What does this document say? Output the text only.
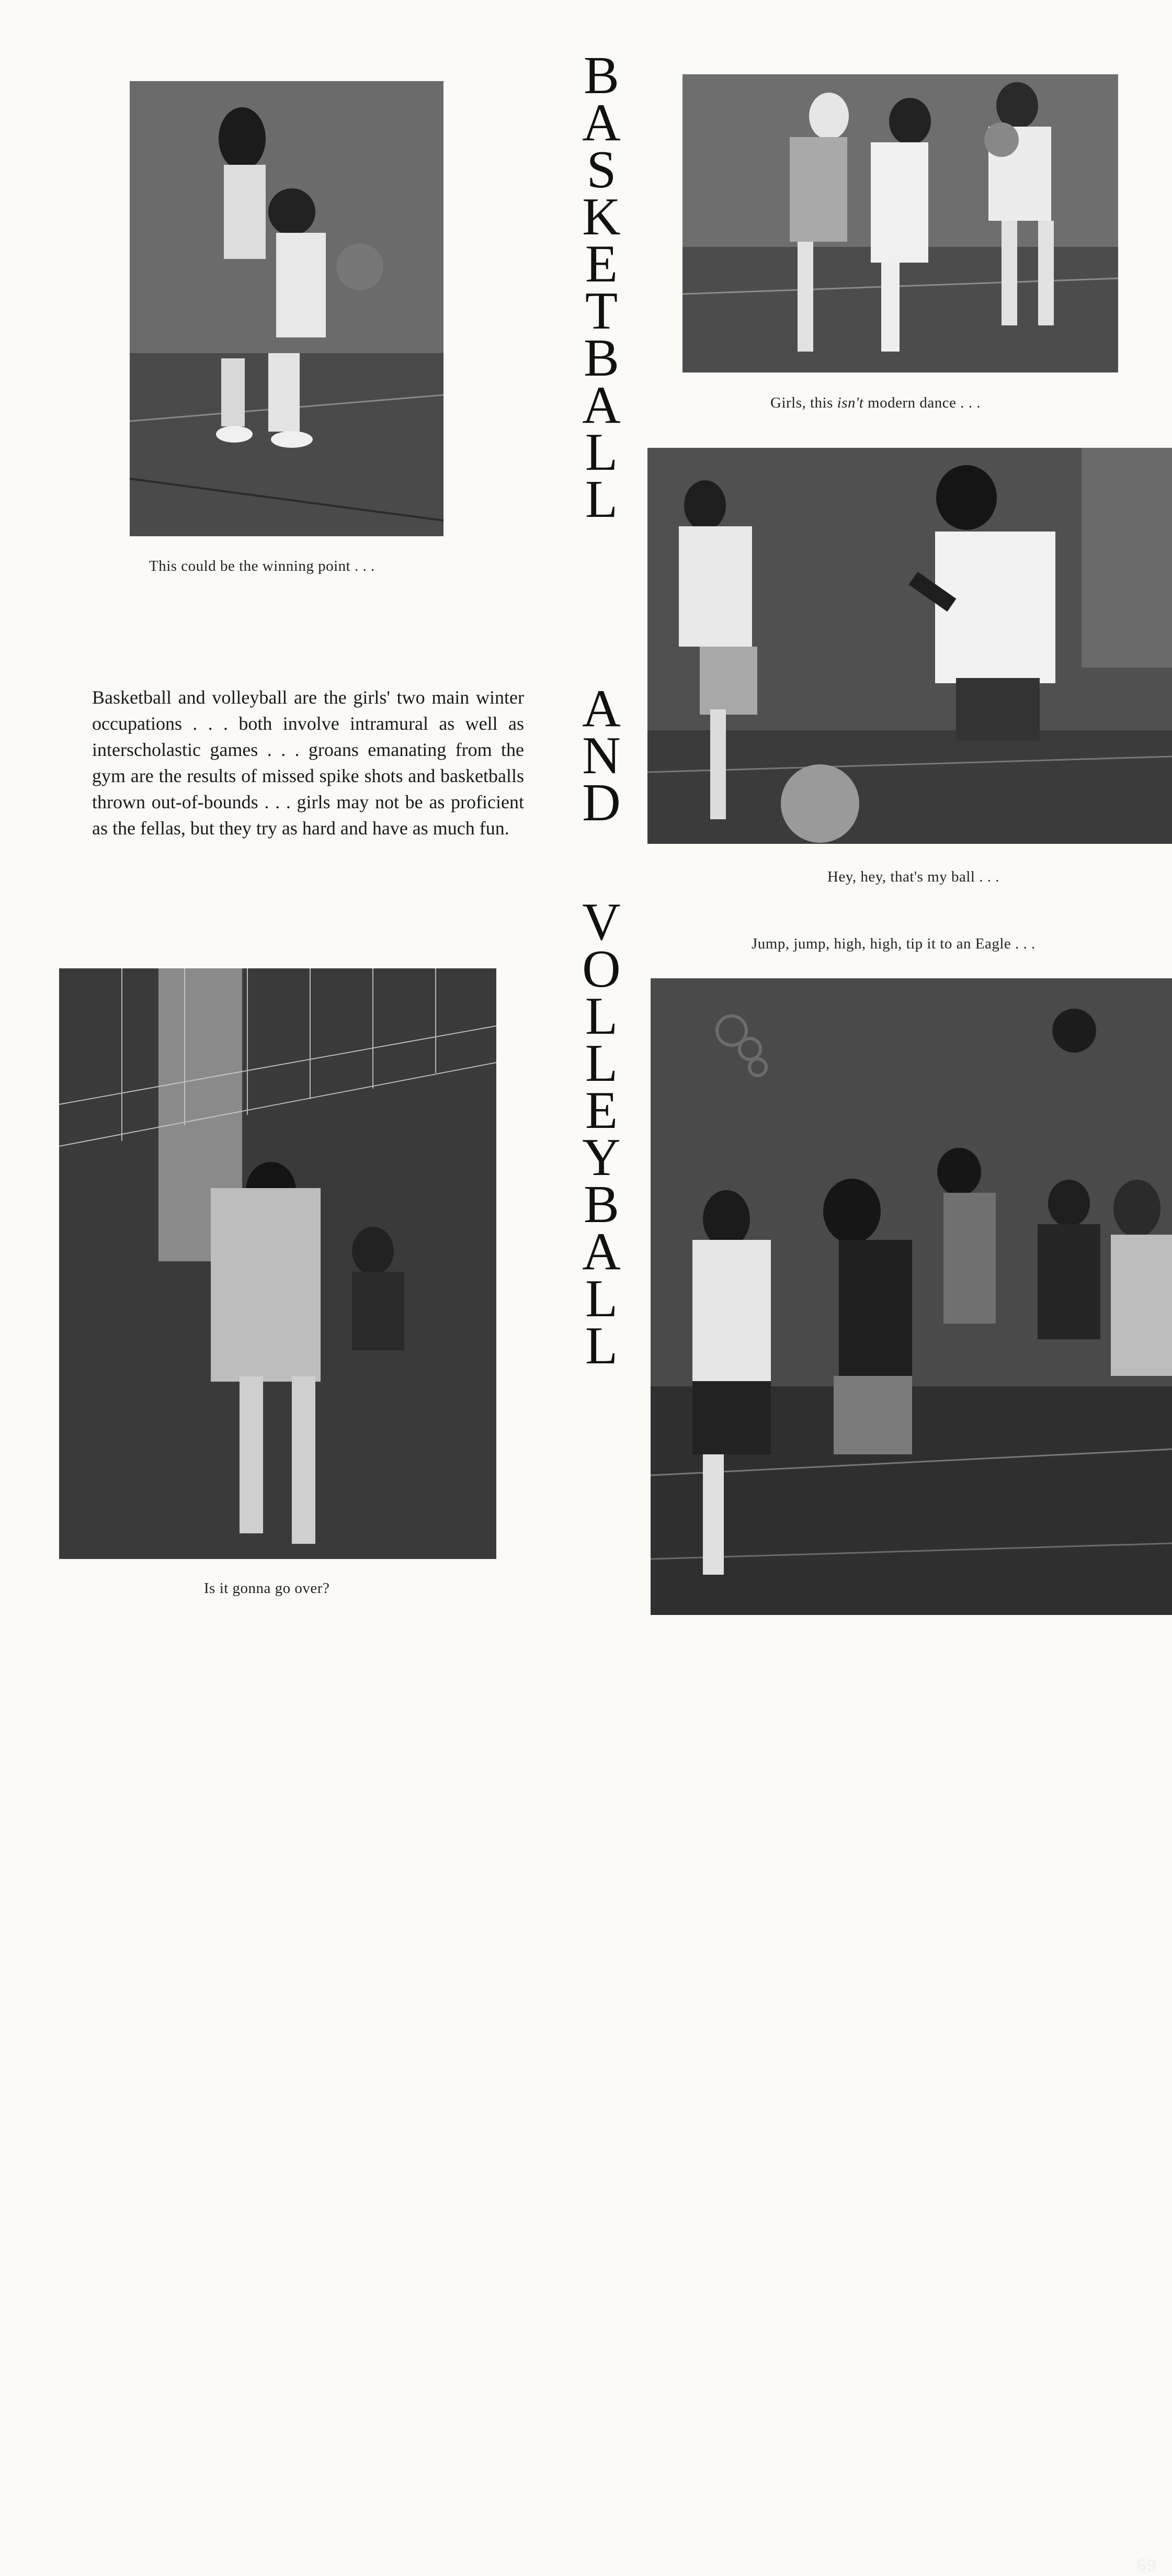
This could be the winning point . . .
B
A
S
K
E
T
B
A
L
L
A
N
D
V
O
L
L
E
Y
B
A
L
L
Girls, this isn't modern dance . . .
Hey, hey, that's my ball . . .
Jump, jump, high, high, tip it to an Eagle . . .
Basketball and volleyball are the girls' two main winter occupations . . . both involve intramural as well as interscholastic games . . . groans emanating from the gym are the results of missed spike shots and basketballs thrown out-of-bounds . . . girls may not be as proficient as the fellas, but they try as hard and have as much fun.
Is it gonna go over?
69
